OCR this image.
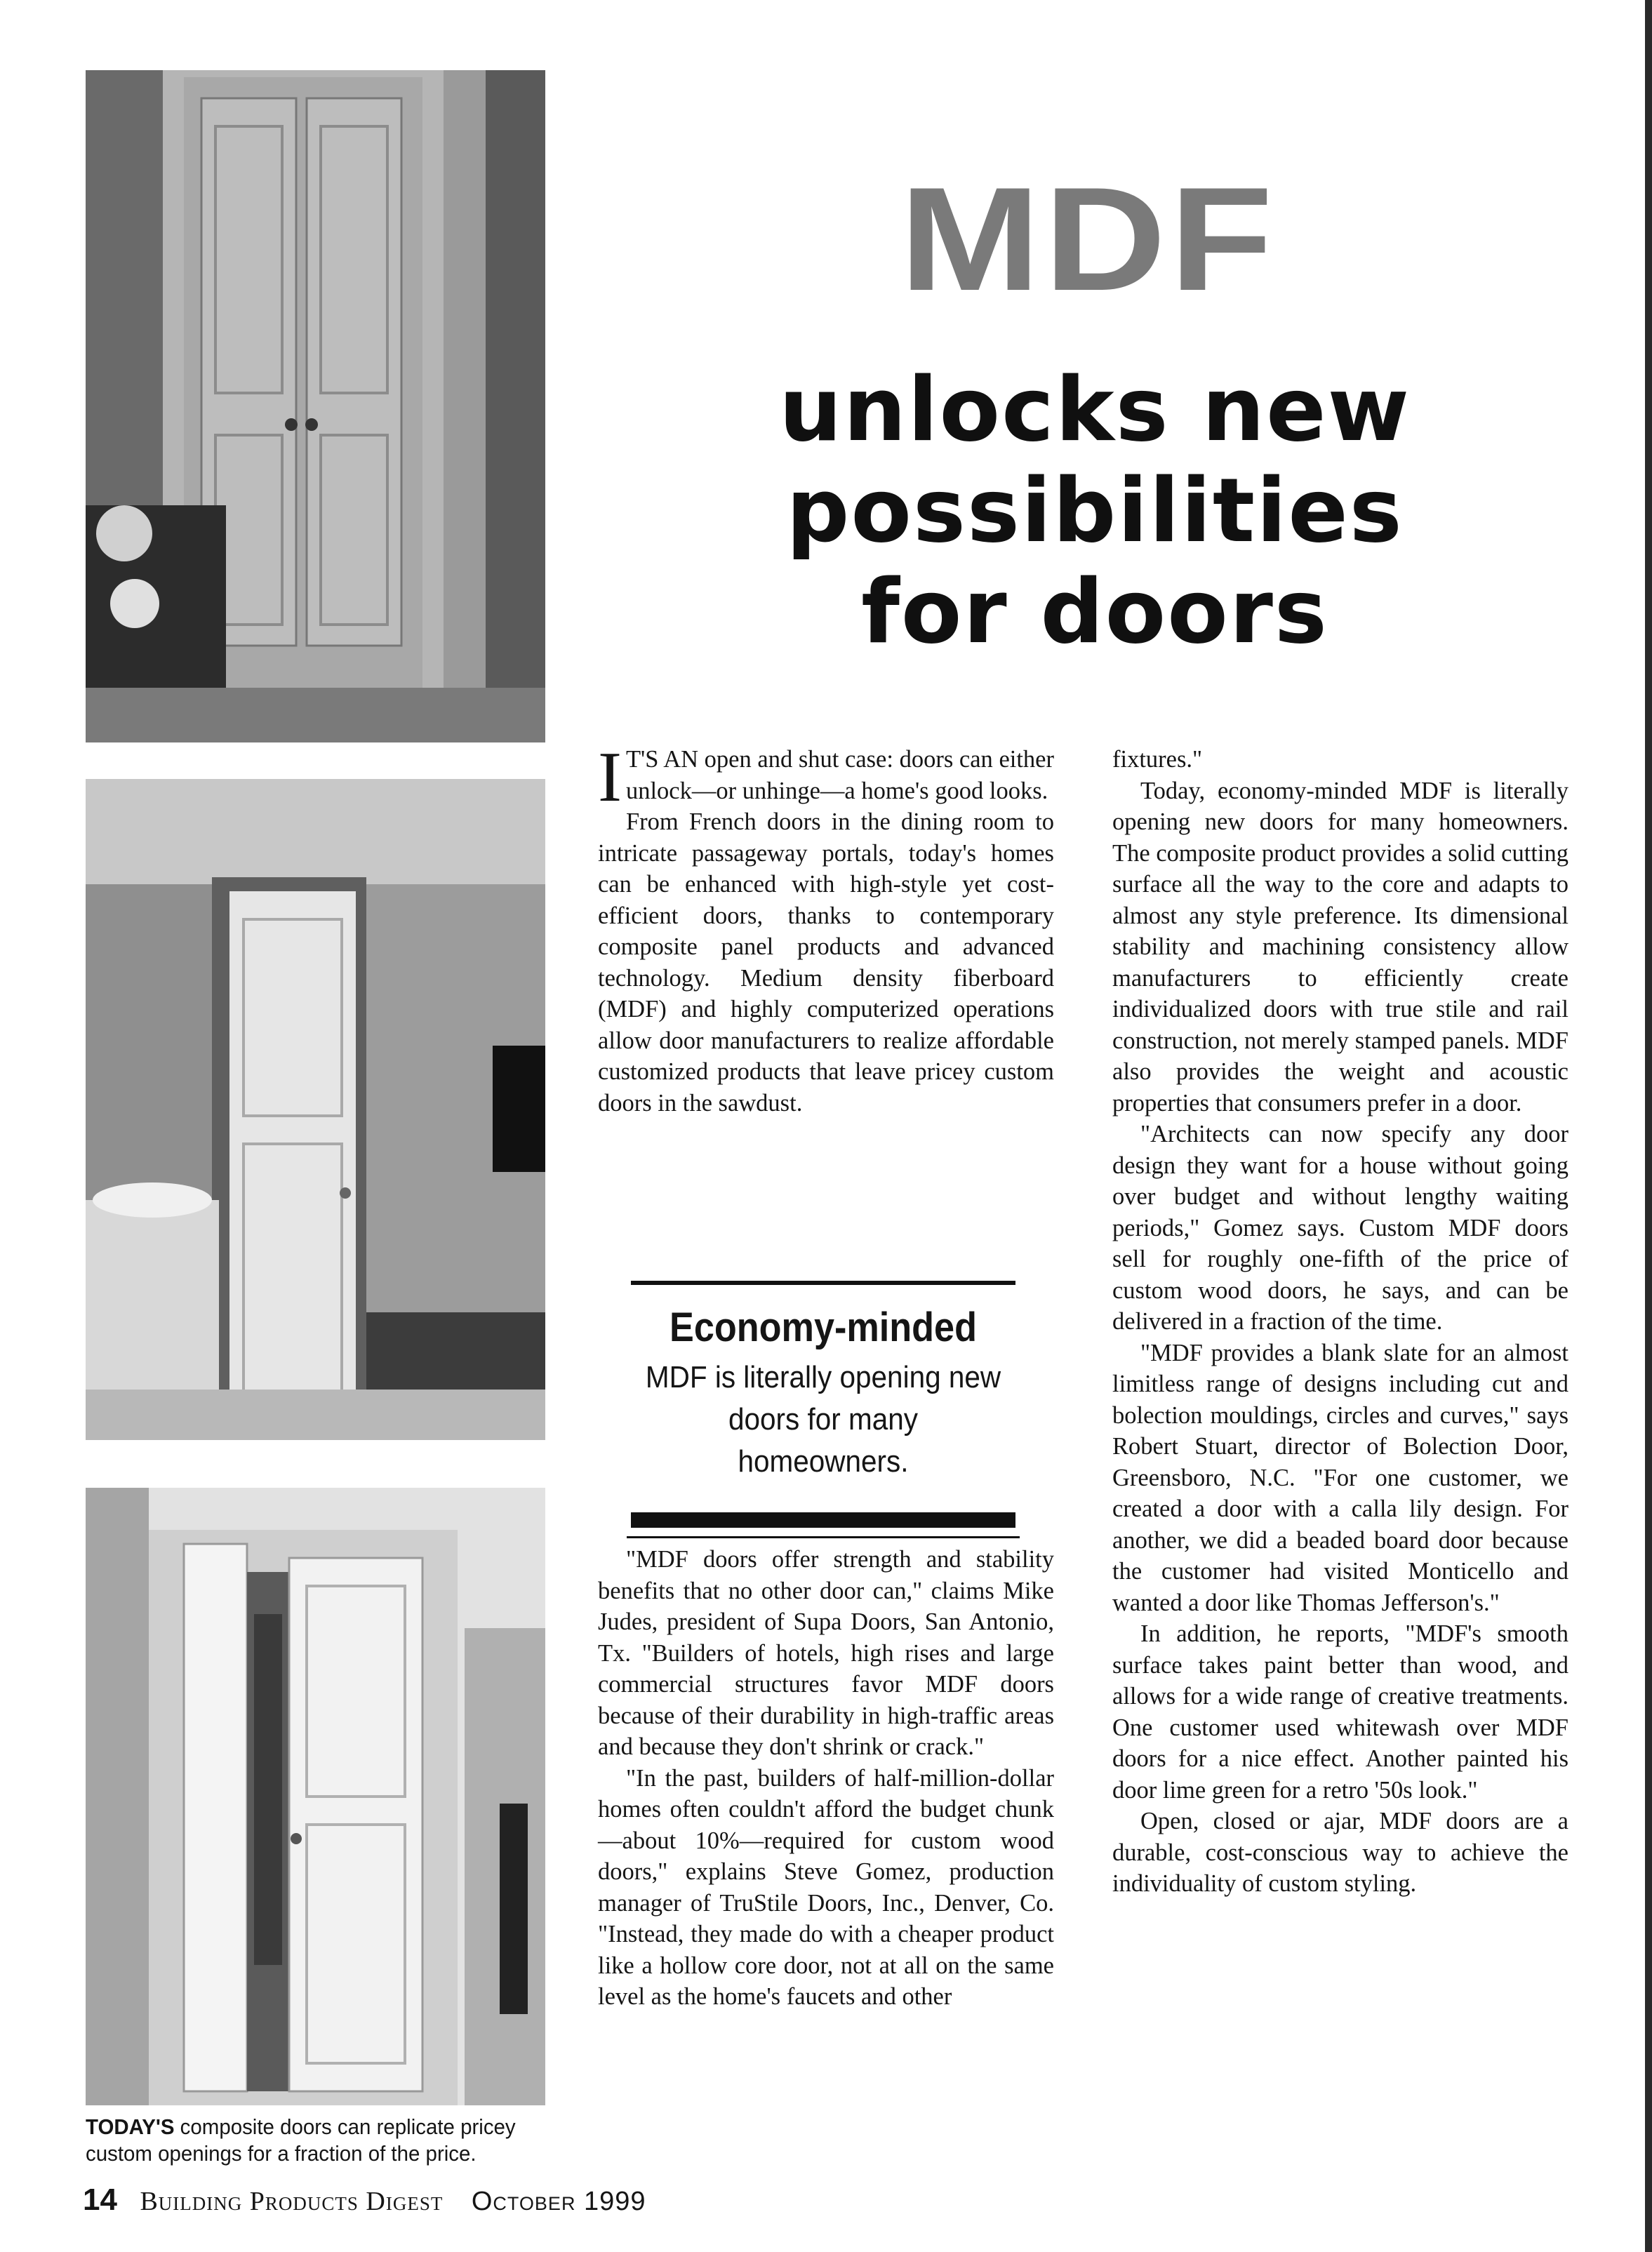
MDF
unlocks new
possibilities
for doors

I T'S AN open and shut case: doors can either unlock—or unhinge—a home's good looks.

From French doors in the dining room to intricate passageway portals, today's homes can be enhanced with high-style yet cost-efficient doors, thanks to contemporary composite panel products and advanced technology. Medium density fiberboard (MDF) and highly computerized operations allow door manufacturers to realize affordable customized products that leave pricey custom doors in the sawdust.

Economy-minded
MDF is literally opening new doors for many homeowners.

"MDF doors offer strength and stability benefits that no other door can," claims Mike Judes, president of Supa Doors, San Antonio, Tx. "Builders of hotels, high rises and large commercial structures favor MDF doors because of their durability in high-traffic areas and because they don't shrink or crack."

"In the past, builders of half-million-dollar homes often couldn't afford the budget chunk—about 10%—required for custom wood doors," explains Steve Gomez, production manager of TruStile Doors, Inc., Denver, Co. "Instead, they made do with a cheaper product like a hollow core door, not at all on the same level as the home's faucets and other

fixtures."

Today, economy-minded MDF is literally opening new doors for many homeowners. The composite product provides a solid cutting surface all the way to the core and adapts to almost any style preference. Its dimensional stability and machining consistency allow manufacturers to efficiently create individualized doors with true stile and rail construction, not merely stamped panels. MDF also provides the weight and acoustic properties that consumers prefer in a door.

"Architects can now specify any door design they want for a house without going over budget and without lengthy waiting periods," Gomez says. Custom MDF doors sell for roughly one-fifth of the price of custom wood doors, he says, and can be delivered in a fraction of the time.

"MDF provides a blank slate for an almost limitless range of designs including cut and bolection mouldings, circles and curves," says Robert Stuart, director of Bolection Door, Greensboro, N.C. "For one customer, we created a door with a calla lily design. For another, we did a beaded board door because the customer had visited Monticello and wanted a door like Thomas Jefferson's."

In addition, he reports, "MDF's smooth surface takes paint better than wood, and allows for a wide range of creative treatments. One customer used whitewash over MDF doors for a nice effect. Another painted his door lime green for a retro '50s look."

Open, closed or ajar, MDF doors are a durable, cost-conscious way to achieve the individuality of custom styling.

TODAY'S composite doors can replicate pricey custom openings for a fraction of the price.
14 Building Products Digest October 1999
